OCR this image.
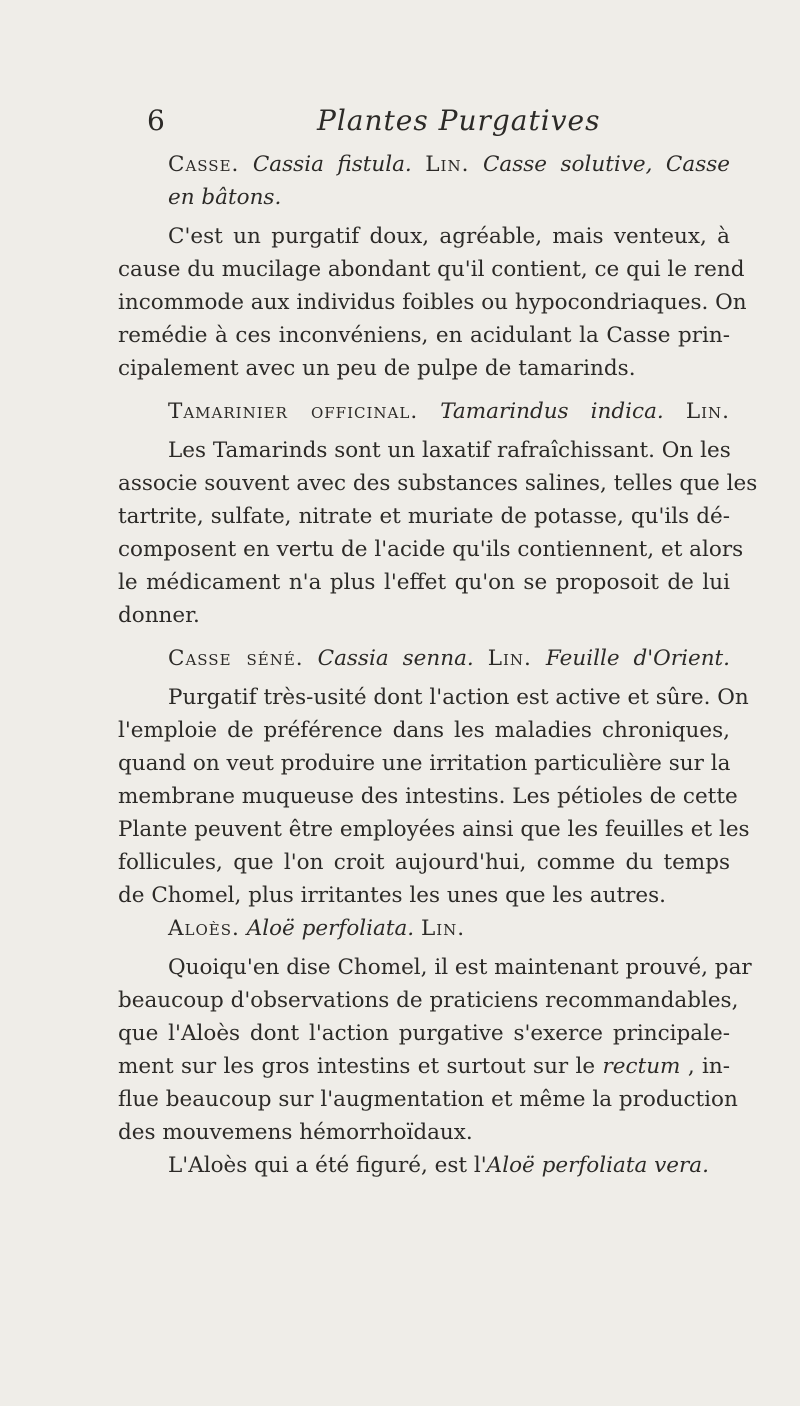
6	Plantes Purgatives
Casse. Cassia fistula. Lin. Casse solutive, Casse
en bâtons.
C'est un purgatif doux, agréable, mais venteux, à
cause du mucilage abondant qu'il contient, ce qui le rend
incommode aux individus foibles ou hypocondriaques. On
remédie à ces inconvéniens, en acidulant la Casse prin-
cipalement avec un peu de pulpe de tamarinds.
Tamarinier officinal. Tamarindus indica. Lin.
Les Tamarinds sont un laxatif rafraîchissant. On les
associe souvent avec des substances salines, telles que les
tartrite, sulfate, nitrate et muriate de potasse, qu'ils dé-
composent en vertu de l'acide qu'ils contiennent, et alors
le médicament n'a plus l'effet qu'on se proposoit de lui
donner.
Casse séné. Cassia senna. Lin. Feuille d'Orient.
Purgatif très-usité dont l'action est active et sûre. On
l'emploie de préférence dans les maladies chroniques,
quand on veut produire une irritation particulière sur la
membrane muqueuse des intestins. Les pétioles de cette
Plante peuvent être employées ainsi que les feuilles et les
follicules, que l'on croit aujourd'hui, comme du temps
de Chomel, plus irritantes les unes que les autres.
Aloès. Aloë perfoliata. Lin.
Quoiqu'en dise Chomel, il est maintenant prouvé, par
beaucoup d'observations de praticiens recommandables,
que l'Aloès dont l'action purgative s'exerce principale-
ment sur les gros intestins et surtout sur le rectum , in-
flue beaucoup sur l'augmentation et même la production
des mouvemens hémorrhoïdaux.
L'Aloès qui a été figuré, est l'Aloë perfoliata vera.
